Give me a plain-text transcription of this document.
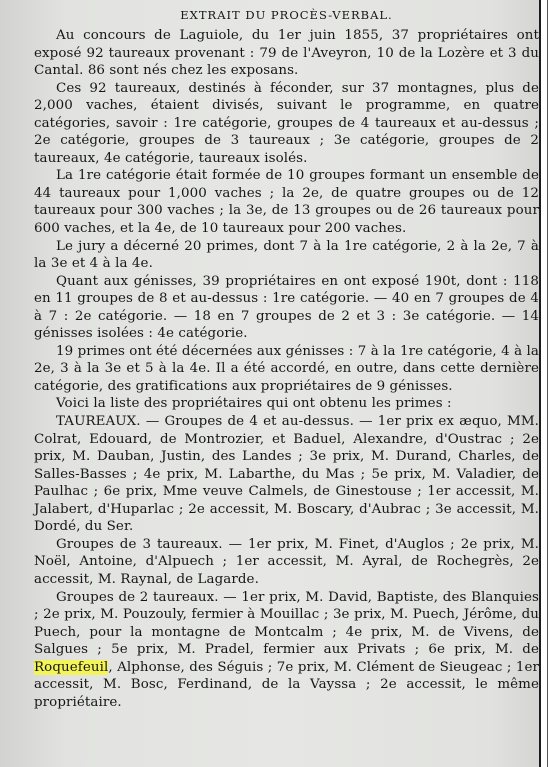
EXTRAIT DU PROCÈS-VERBAL.

Au concours de Laguiole, du 1er juin 1855, 37 propriétaires ont exposé 92 taureaux provenant : 79 de l'Aveyron, 10 de la Lozère et 3 du Cantal. 86 sont nés chez les exposans.

Ces 92 taureaux, destinés à féconder, sur 37 montagnes, plus de 2,000 vaches, étaient divisés, suivant le programme, en quatre catégories, savoir : 1re catégorie, groupes de 4 taureaux et au-dessus ; 2e catégorie, groupes de 3 taureaux ; 3e catégorie, groupes de 2 taureaux, 4e catégorie, taureaux isolés.

La 1re catégorie était formée de 10 groupes formant un ensemble de 44 taureaux pour 1,000 vaches ; la 2e, de quatre groupes ou de 12 taureaux pour 300 vaches ; la 3e, de 13 groupes ou de 26 taureaux pour 600 vaches, et la 4e, de 10 taureaux pour 200 vaches.

Le jury a décerné 20 primes, dont 7 à la 1re catégorie, 2 à la 2e, 7 à la 3e et 4 à la 4e.

Quant aux génisses, 39 propriétaires en ont exposé 190t, dont : 118 en 11 groupes de 8 et au-dessus : 1re catégorie. — 40 en 7 groupes de 4 à 7 : 2e catégorie. — 18 en 7 groupes de 2 et 3 : 3e catégorie. — 14 génisses isolées : 4e catégorie.

19 primes ont été décernées aux génisses : 7 à la 1re catégorie, 4 à la 2e, 3 à la 3e et 5 à la 4e. Il a été accordé, en outre, dans cette dernière catégorie, des gratifications aux propriétaires de 9 génisses.

Voici la liste des propriétaires qui ont obtenu les primes :

TAUREAUX. — Groupes de 4 et au-dessus. — 1er prix ex æquo, MM. Colrat, Edouard, de Montrozier, et Baduel, Alexandre, d'Oustrac ; 2e prix, M. Dauban, Justin, des Landes ; 3e prix, M. Durand, Charles, de Salles-Basses ; 4e prix, M. Labarthe, du Mas ; 5e prix, M. Valadier, de Paulhac ; 6e prix, Mme veuve Calmels, de Ginestouse ; 1er accessit, M. Jalabert, d'Huparlac ; 2e accessit, M. Boscary, d'Aubrac ; 3e accessit, M. Dordé, du Ser.

Groupes de 3 taureaux. — 1er prix, M. Finet, d'Auglos ; 2e prix, M. Noël, Antoine, d'Alpuech ; 1er accessit, M. Ayral, de Rochegrès, 2e accessit, M. Raynal, de Lagarde.

Groupes de 2 taureaux. — 1er prix, M. David, Baptiste, des Blanquies ; 2e prix, M. Pouzouly, fermier à Mouillac ; 3e prix, M. Puech, Jérôme, du Puech, pour la montagne de Montcalm ; 4e prix, M. de Vivens, de Salgues ; 5e prix, M. Pradel, fermier aux Privats ; 6e prix, M. de Roquefeuil, Alphonse, des Séguis ; 7e prix, M. Clément de Sieugeac ; 1er accessit, M. Bosc, Ferdinand, de la Vayssa ; 2e accessit, le même propriétaire.
